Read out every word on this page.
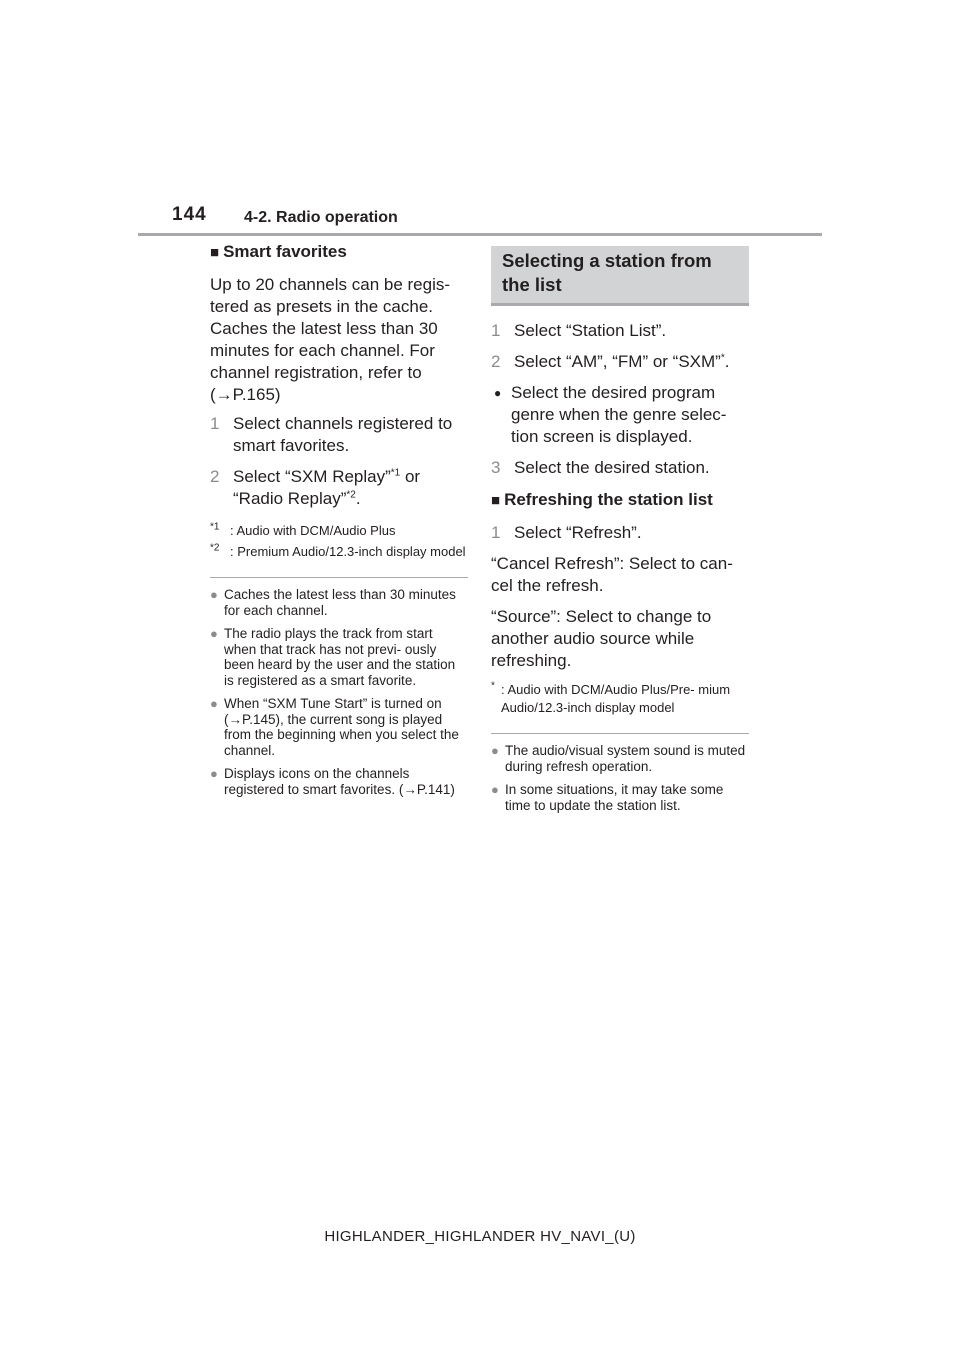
144 4-2. Radio operation
■ Smart favorites
Up to 20 channels can be regis-
tered as presets in the cache.
Caches the latest less than 30
minutes for each channel. For
channel registration, refer to
(→P.165)
1 Select channels registered to smart favorites.
2 Select “SXM Replay”$^{*1}$ or “Radio Replay”$^{*2}$.
$^{*1}$ : Audio with DCM/Audio Plus
$^{*2}$ : Premium Audio/12.3-inch display model
● Caches the latest less than 30 minutes for each channel.
● The radio plays the track from start when that track has not previ- ously been heard by the user and the station is registered as a smart favorite.
● When “SXM Tune Start” is turned on (→P.145), the current song is played from the beginning when you select the channel.
● Displays icons on the channels registered to smart favorites. (→P.141)
Selecting a station from the list
1 Select “Station List”.
2 Select “AM”, “FM” or “SXM”*.
● Select the desired program genre when the genre selec- tion screen is displayed.
3 Select the desired station.
■ Refreshing the station list
1 Select “Refresh”.
“Cancel Refresh”: Select to can- cel the refresh.
“Source”: Select to change to another audio source while refreshing.
* : Audio with DCM/Audio Plus/Pre- mium Audio/12.3-inch display model
● The audio/visual system sound is muted during refresh operation.
● In some situations, it may take some time to update the station list.
HIGHLANDER_HIGHLANDER HV_NAVI_(U)
